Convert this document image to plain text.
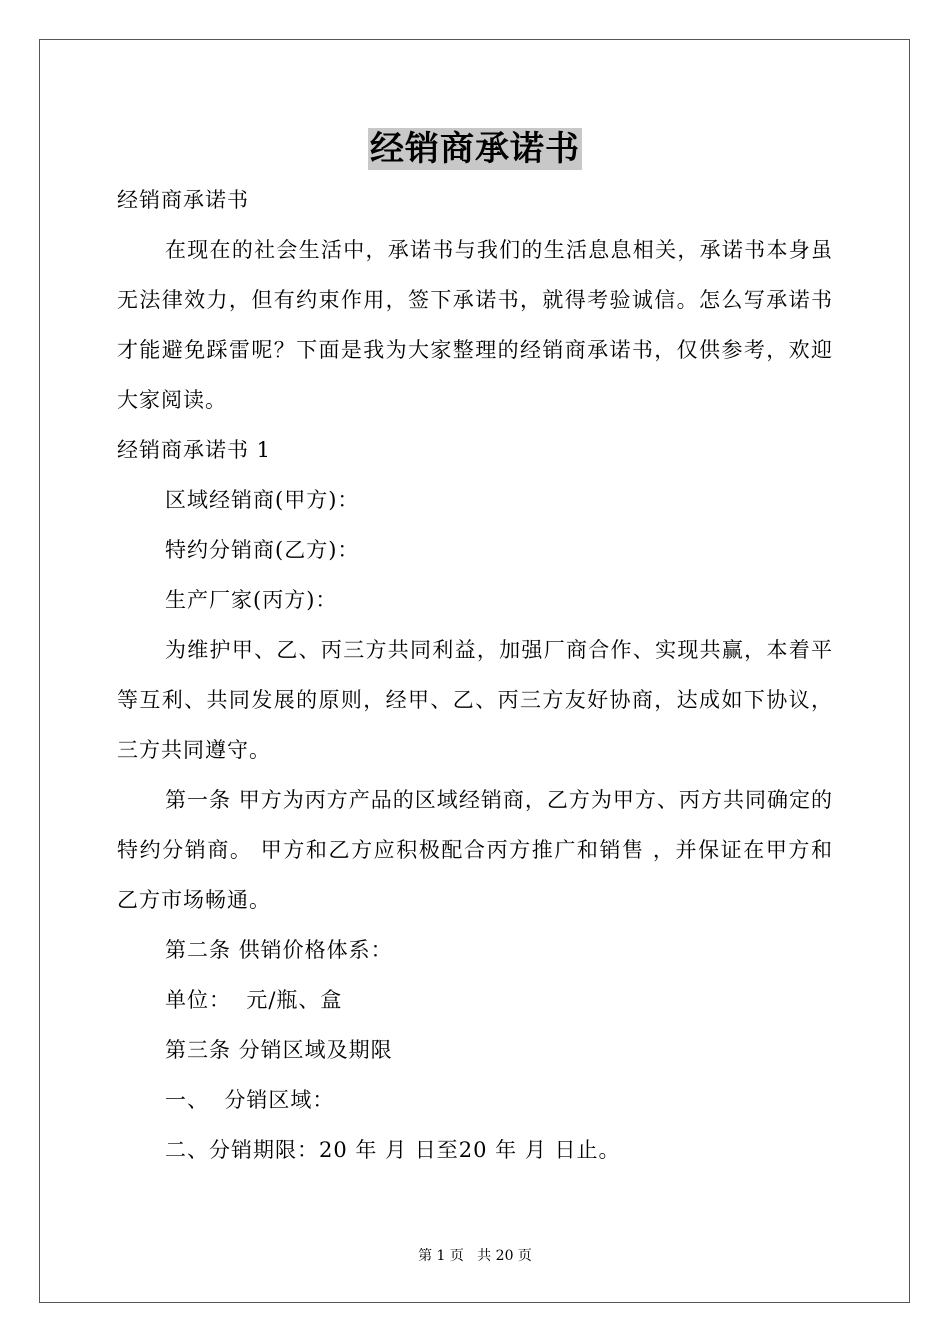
经销商承诺书

经销商承诺书

在现在的社会生活中，承诺书与我们的生活息息相关，承诺书本身虽无法律效力，但有约束作用，签下承诺书，就得考验诚信。怎么写承诺书才能避免踩雷呢？下面是我为大家整理的经销商承诺书，仅供参考，欢迎大家阅读。

经销商承诺书 1

区域经销商(甲方)：

特约分销商(乙方)：

生产厂家(丙方)：

为维护甲、乙、丙三方共同利益，加强厂商合作、实现共赢，本着平等互利、共同发展的原则，经甲、乙、丙三方友好协商，达成如下协议，三方共同遵守。

第一条 甲方为丙方产品的区域经销商，乙方为甲方、丙方共同确定的特约分销商。 甲方和乙方应积极配合丙方推广和销售 ，并保证在甲方和乙方市场畅通。

第二条 供销价格体系：

单位：  元/瓶、盒

第三条 分销区域及期限

一、  分销区域：

二、分销期限：20 年 月 日至20 年 月 日止。

第 1 页   共 20 页
